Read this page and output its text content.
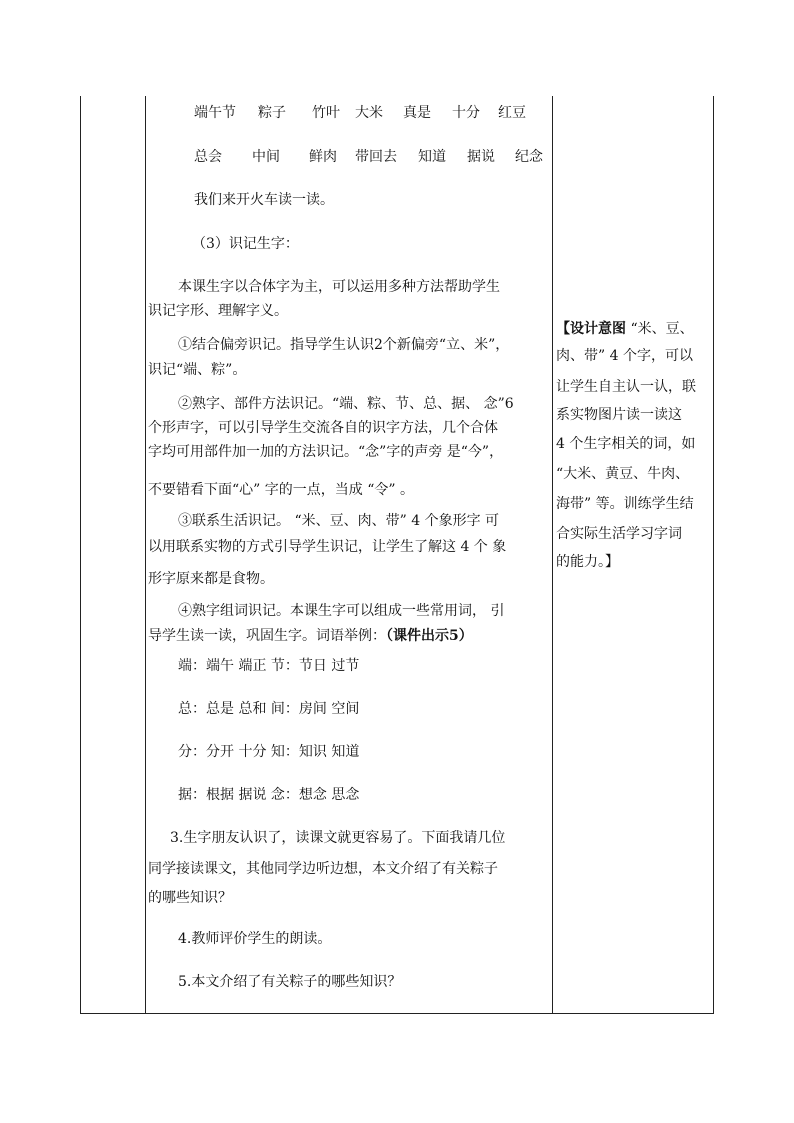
端午节 粽子 竹叶 大米 真是 十分 红豆
总会 中间 鲜肉 带回去 知道 据说 纪念

我们来开火车读一读。

（3）识记生字：

本课生字以合体字为主，可以运用多种方法帮助学生

识记字形、理解字义。

①结合偏旁识记。指导学生认识2个新偏旁“立、米”，

识记“端、粽”。

②熟字、部件方法识记。“端、粽、节、总、据、 念”6

个形声字，可以引导学生交流各自的识字方法，几个合体

字均可用部件加一加的方法识记。“念”字的声旁 是“今”，

不要错看下面“心” 字的一点，当成 “令” 。

③联系生活识记。 “米、豆、肉、带” 4 个象形字 可

以用联系实物的方式引导学生识记，让学生了解这 4 个 象

形字原来都是食物。

④熟字组词识记。本课生字可以组成一些常用词， 引

导学生读一读，巩固生字。词语举例：（课件出示5）

端：端午 端正 节：节日 过节

总：总是 总和 间：房间 空间

分：分开 十分 知：知识 知道

据：根据 据说 念：想念 思念

3.生字朋友认识了，读课文就更容易了。下面我请几位

同学接读课文，其他同学边听边想，本文介绍了有关粽子

的哪些知识？

4.教师评价学生的朗读。

5.本文介绍了有关粽子的哪些知识？

【设计意图 “米、豆、

肉、带” 4 个字，可以

让学生自主认一认，联

系实物图片读一读这

4 个生字相关的词，如

“大米、黄豆、牛肉、

海带” 等。训练学生结

合实际生活学习字词

的能力。】
